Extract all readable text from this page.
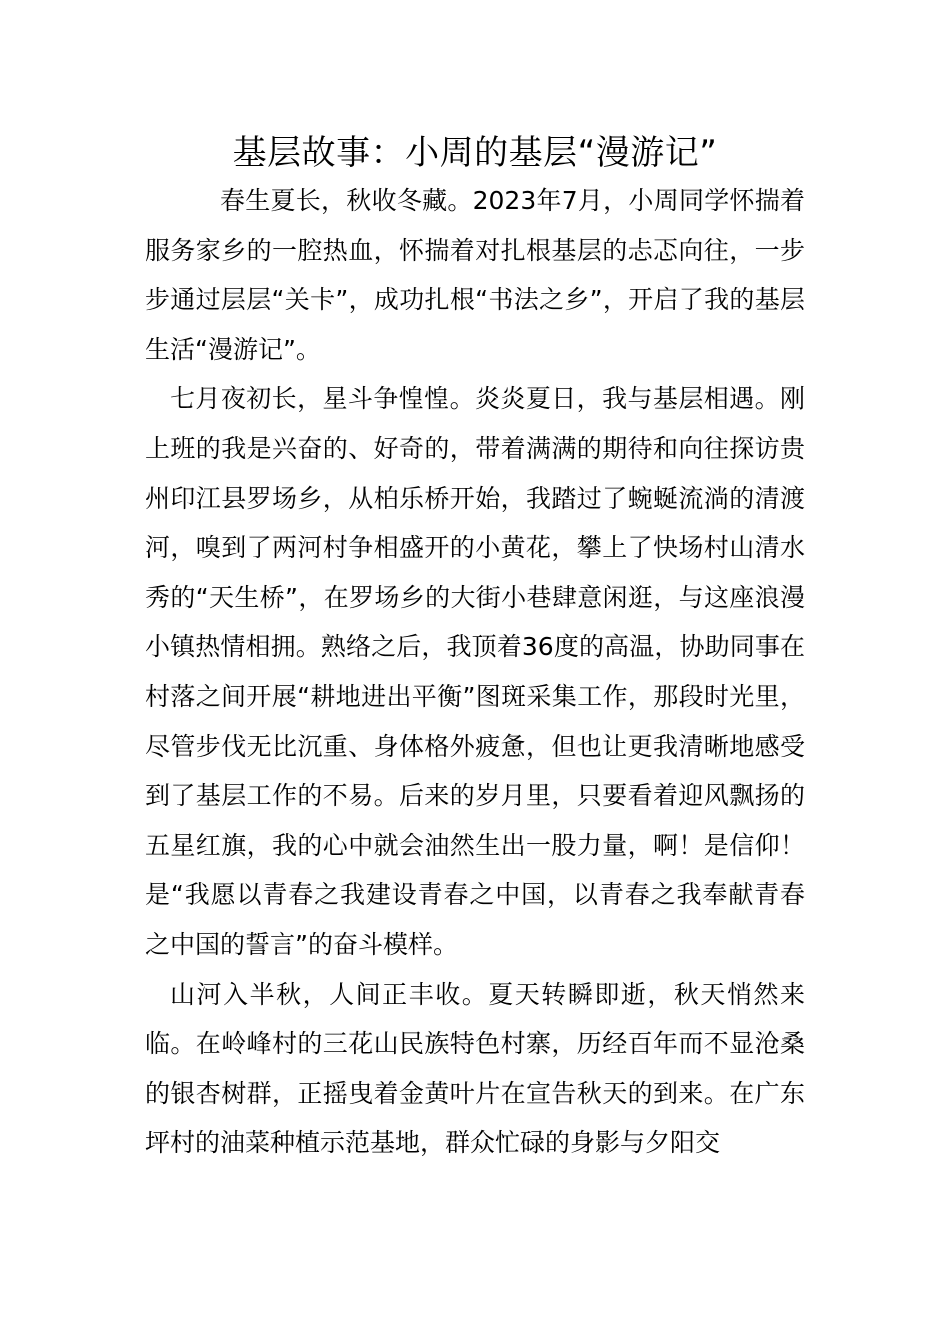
基层故事：小周的基层“漫游记”

春生夏长，秋收冬藏。2023年7月，小周同学怀揣着服务家乡的一腔热血，怀揣着对扎根基层的忐忑向往，一步步通过层层“关卡”，成功扎根“书法之乡”，开启了我的基层生活“漫游记”。

七月夜初长，星斗争惶惶。炎炎夏日，我与基层相遇。刚上班的我是兴奋的、好奇的，带着满满的期待和向往探访贵州印江县罗场乡，从柏乐桥开始，我踏过了蜿蜒流淌的清渡河，嗅到了两河村争相盛开的小黄花，攀上了快场村山清水秀的“天生桥”，在罗场乡的大街小巷肆意闲逛，与这座浪漫小镇热情相拥。熟络之后，我顶着36度的高温，协助同事在村落之间开展“耕地进出平衡”图斑采集工作，那段时光里，尽管步伐无比沉重、身体格外疲惫，但也让更我清晰地感受到了基层工作的不易。后来的岁月里，只要看着迎风飘扬的五星红旗，我的心中就会油然生出一股力量，啊！是信仰！是“我愿以青春之我建设青春之中国，以青春之我奉献青春之中国的誓言”的奋斗模样。

山河入半秋，人间正丰收。夏天转瞬即逝，秋天悄然来临。在岭峰村的三花山民族特色村寨，历经百年而不显沧桑的银杏树群，正摇曳着金黄叶片在宣告秋天的到来。在广东坪村的油菜种植示范基地，群众忙碌的身影与夕阳交
